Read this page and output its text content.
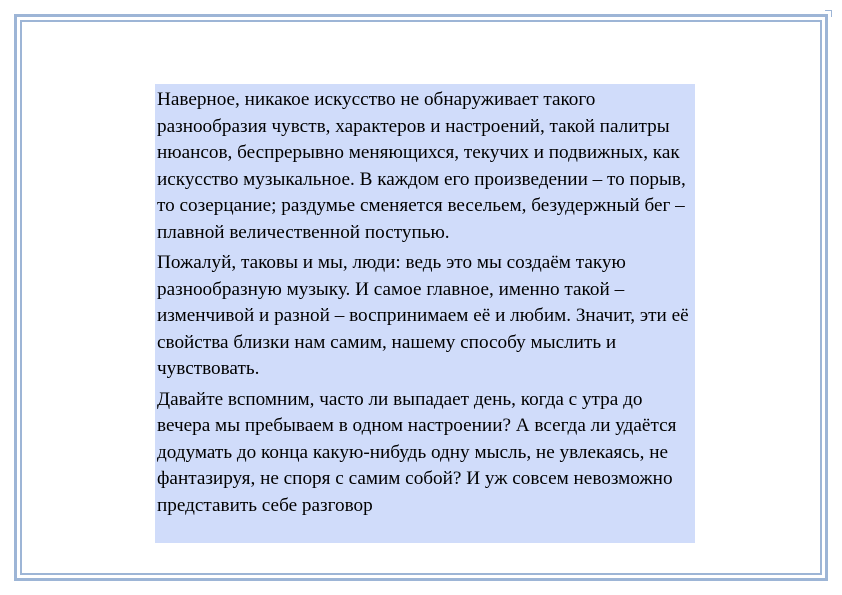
Наверное, никакое искусство не обнаруживает такого разнообразия чувств, характеров и настроений, такой палитры нюансов, беспрерывно меняющихся, текучих и подвижных, как искусство музыкальное. В каждом его произведении – то порыв, то созерцание; раздумье сменяется весельем, безудержный бег – плавной величественной поступью.

Пожалуй, таковы и мы, люди: ведь это мы создаём такую разнообразную музыку. И самое главное, именно такой – изменчивой и разной – воспринимаем её и любим. Значит, эти её свойства близки нам самим, нашему способу мыслить и чувствовать.

Давайте вспомним, часто ли выпадает день, когда с утра до вечера мы пребываем в одном настроении? А всегда ли удаётся додумать до конца какую-нибудь одну мысль, не увлекаясь, не фантазируя, не споря с самим собой? И уж совсем невозможно представить себе разговор
